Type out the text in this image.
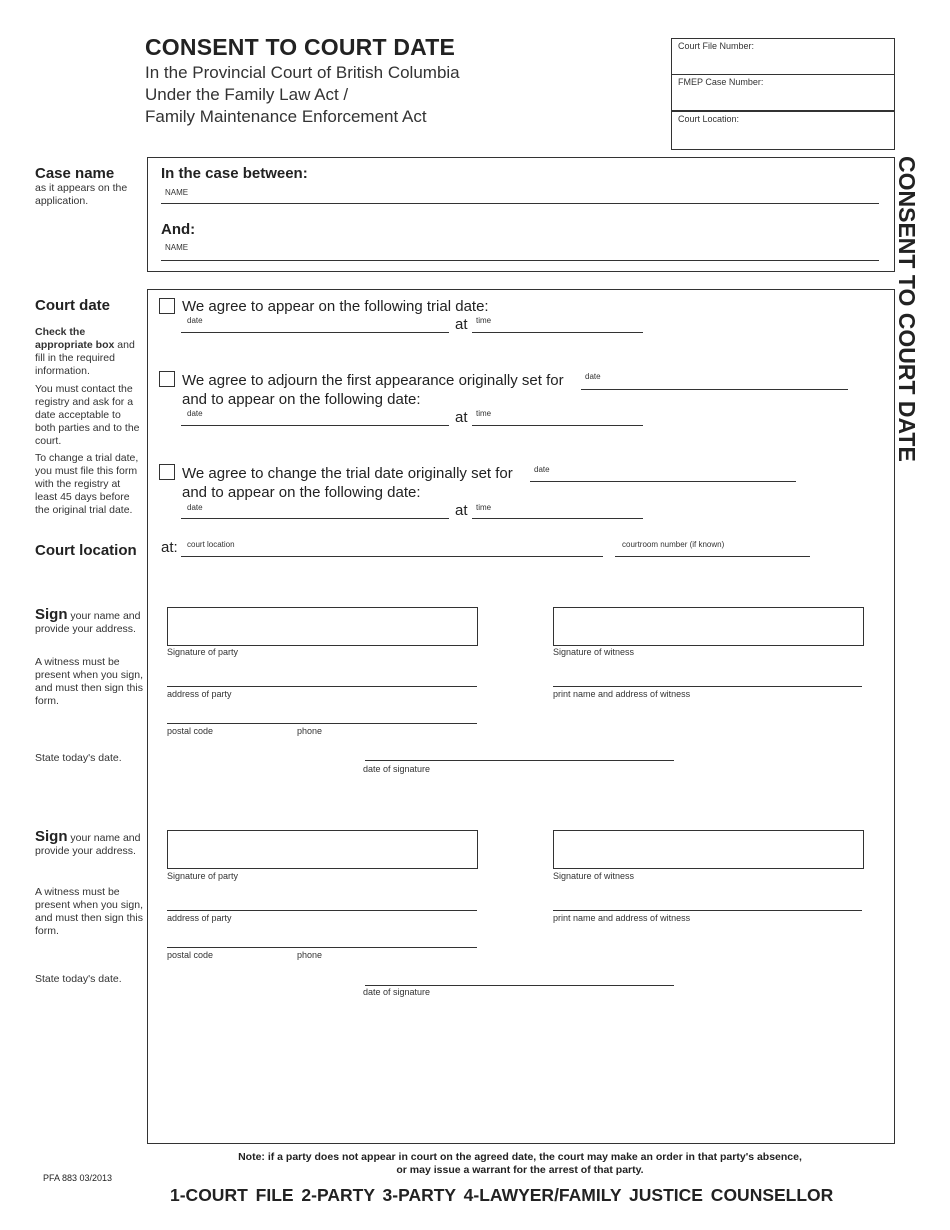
CONSENT TO COURT DATE
In the Provincial Court of British Columbia
Under the Family Law Act /
Family Maintenance Enforcement Act
Court File Number:
FMEP Case Number:
Court Location:
CONSENT TO COURT DATE
Case name
as it appears on the application.
In the case between:
NAME
And:
NAME
Court date
Check the appropriate box and fill in the required information.
You must contact the registry and ask for a date acceptable to both parties and to the court.
To change a trial date, you must file this form with the registry at least 45 days before the original trial date.
We agree to appear on the following trial date:
date	at time
We agree to adjourn the first appearance originally set for	date
and to appear on the following date:
date	at time
We agree to change the trial date originally set for	date
and to appear on the following date:
date	at time
Court location at: court location	courtroom number (if known)
Sign your name and provide your address.
A witness must be present when you sign, and must then sign this form.
State today's date.
Signature of party	Signature of witness
address of party	print name and address of witness
postal code	phone
date of signature
Sign your name and provide your address.
A witness must be present when you sign, and must then sign this form.
State today's date.
Signature of party	Signature of witness
address of party	print name and address of witness
postal code	phone
date of signature
Note: if a party does not appear in court on the agreed date, the court may make an order in that party's absence,
or may issue a warrant for the arrest of that party.
PFA 883 03/2013
1-COURT FILE 2-PARTY 3-PARTY 4-LAWYER/FAMILY JUSTICE COUNSELLOR
